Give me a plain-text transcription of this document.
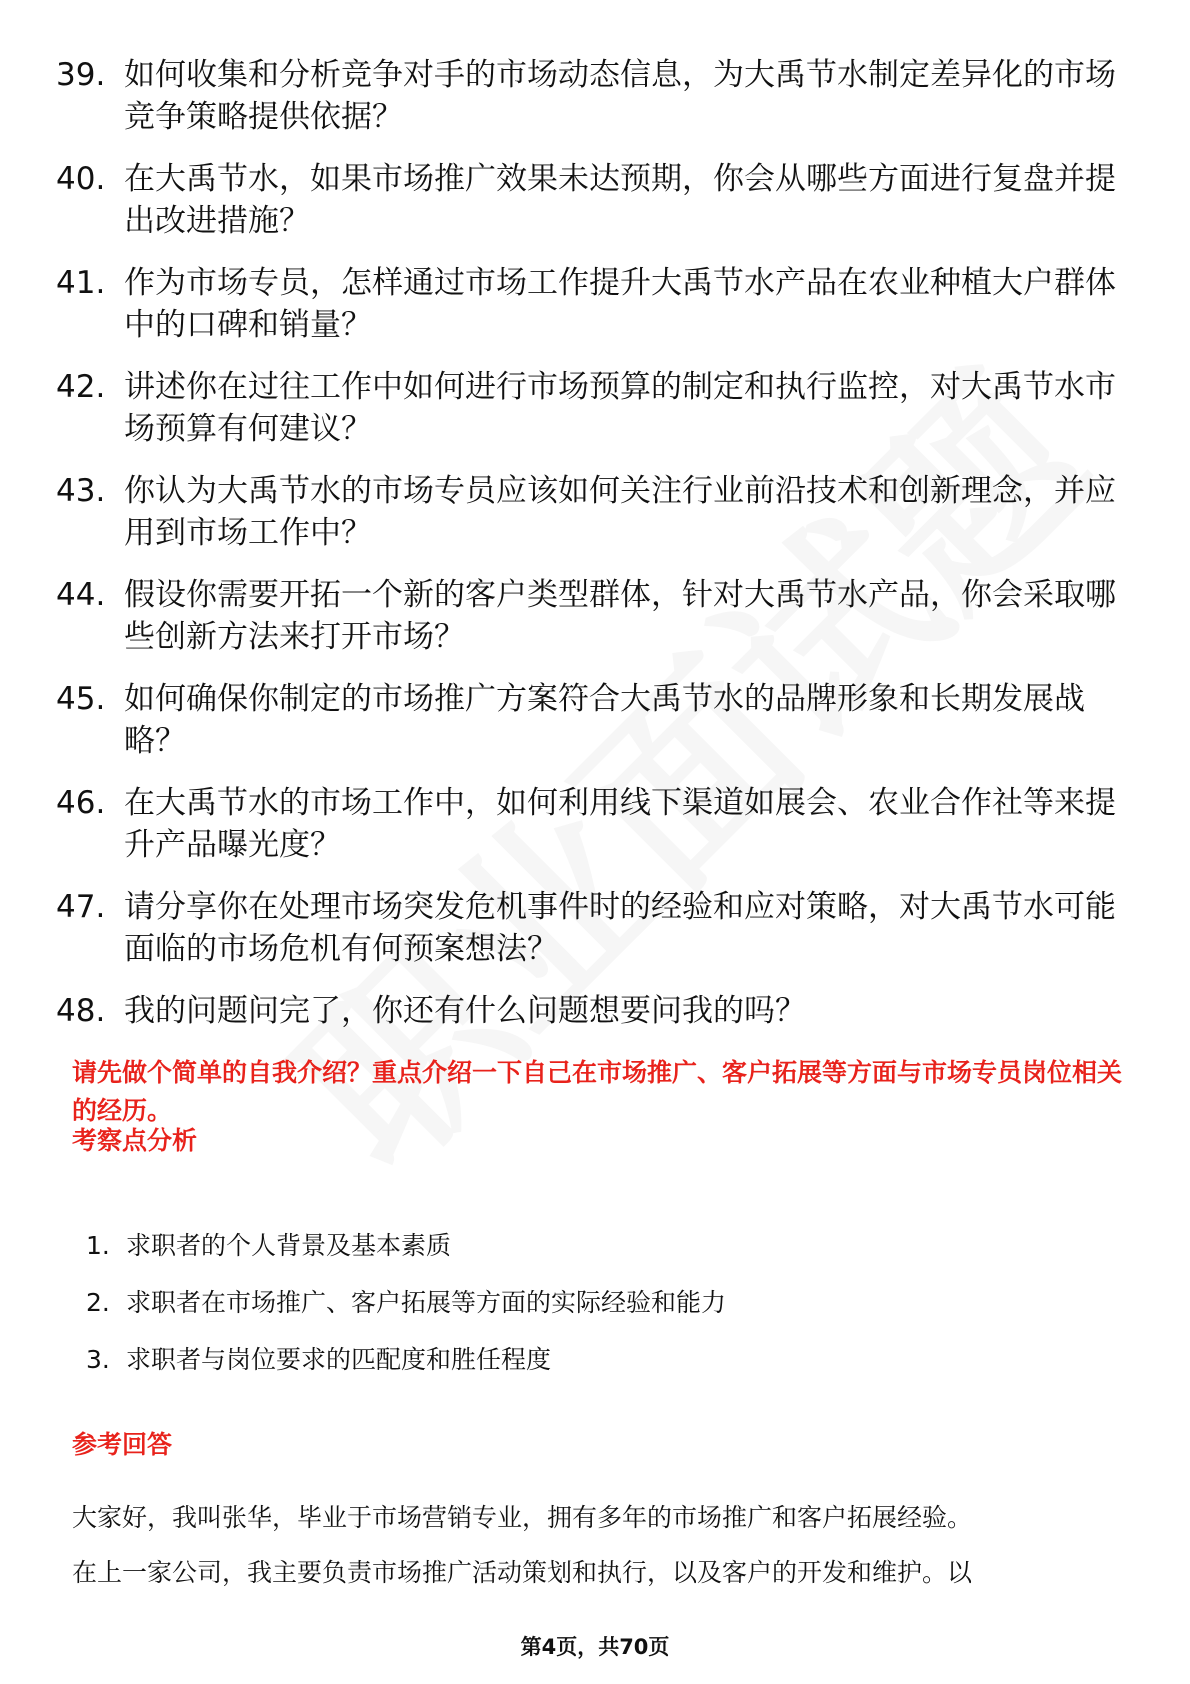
39. 如何收集和分析竞争对手的市场动态信息，为大禹节水制定差异化的市场竞争策略提供依据？
40. 在大禹节水，如果市场推广效果未达预期，你会从哪些方面进行复盘并提出改进措施？
41. 作为市场专员，怎样通过市场工作提升大禹节水产品在农业种植大户群体中的口碑和销量？
42. 讲述你在过往工作中如何进行市场预算的制定和执行监控，对大禹节水市场预算有何建议？
43. 你认为大禹节水的市场专员应该如何关注行业前沿技术和创新理念，并应用到市场工作中？
44. 假设你需要开拓一个新的客户类型群体，针对大禹节水产品，你会采取哪些创新方法来打开市场？
45. 如何确保你制定的市场推广方案符合大禹节水的品牌形象和长期发展战略？
46. 在大禹节水的市场工作中，如何利用线下渠道如展会、农业合作社等来提升产品曝光度？
47. 请分享你在处理市场突发危机事件时的经验和应对策略，对大禹节水可能面临的市场危机有何预案想法？
48. 我的问题问完了，你还有什么问题想要问我的吗？
请先做个简单的自我介绍？重点介绍一下自己在市场推广、客户拓展等方面与市场专员岗位相关的经历。
考察点分析
1. 求职者的个人背景及基本素质
2. 求职者在市场推广、客户拓展等方面的实际经验和能力
3. 求职者与岗位要求的匹配度和胜任程度
参考回答
大家好，我叫张华，毕业于市场营销专业，拥有多年的市场推广和客户拓展经验。
在上一家公司，我主要负责市场推广活动策划和执行，以及客户的开发和维护。以
第4页，共70页
